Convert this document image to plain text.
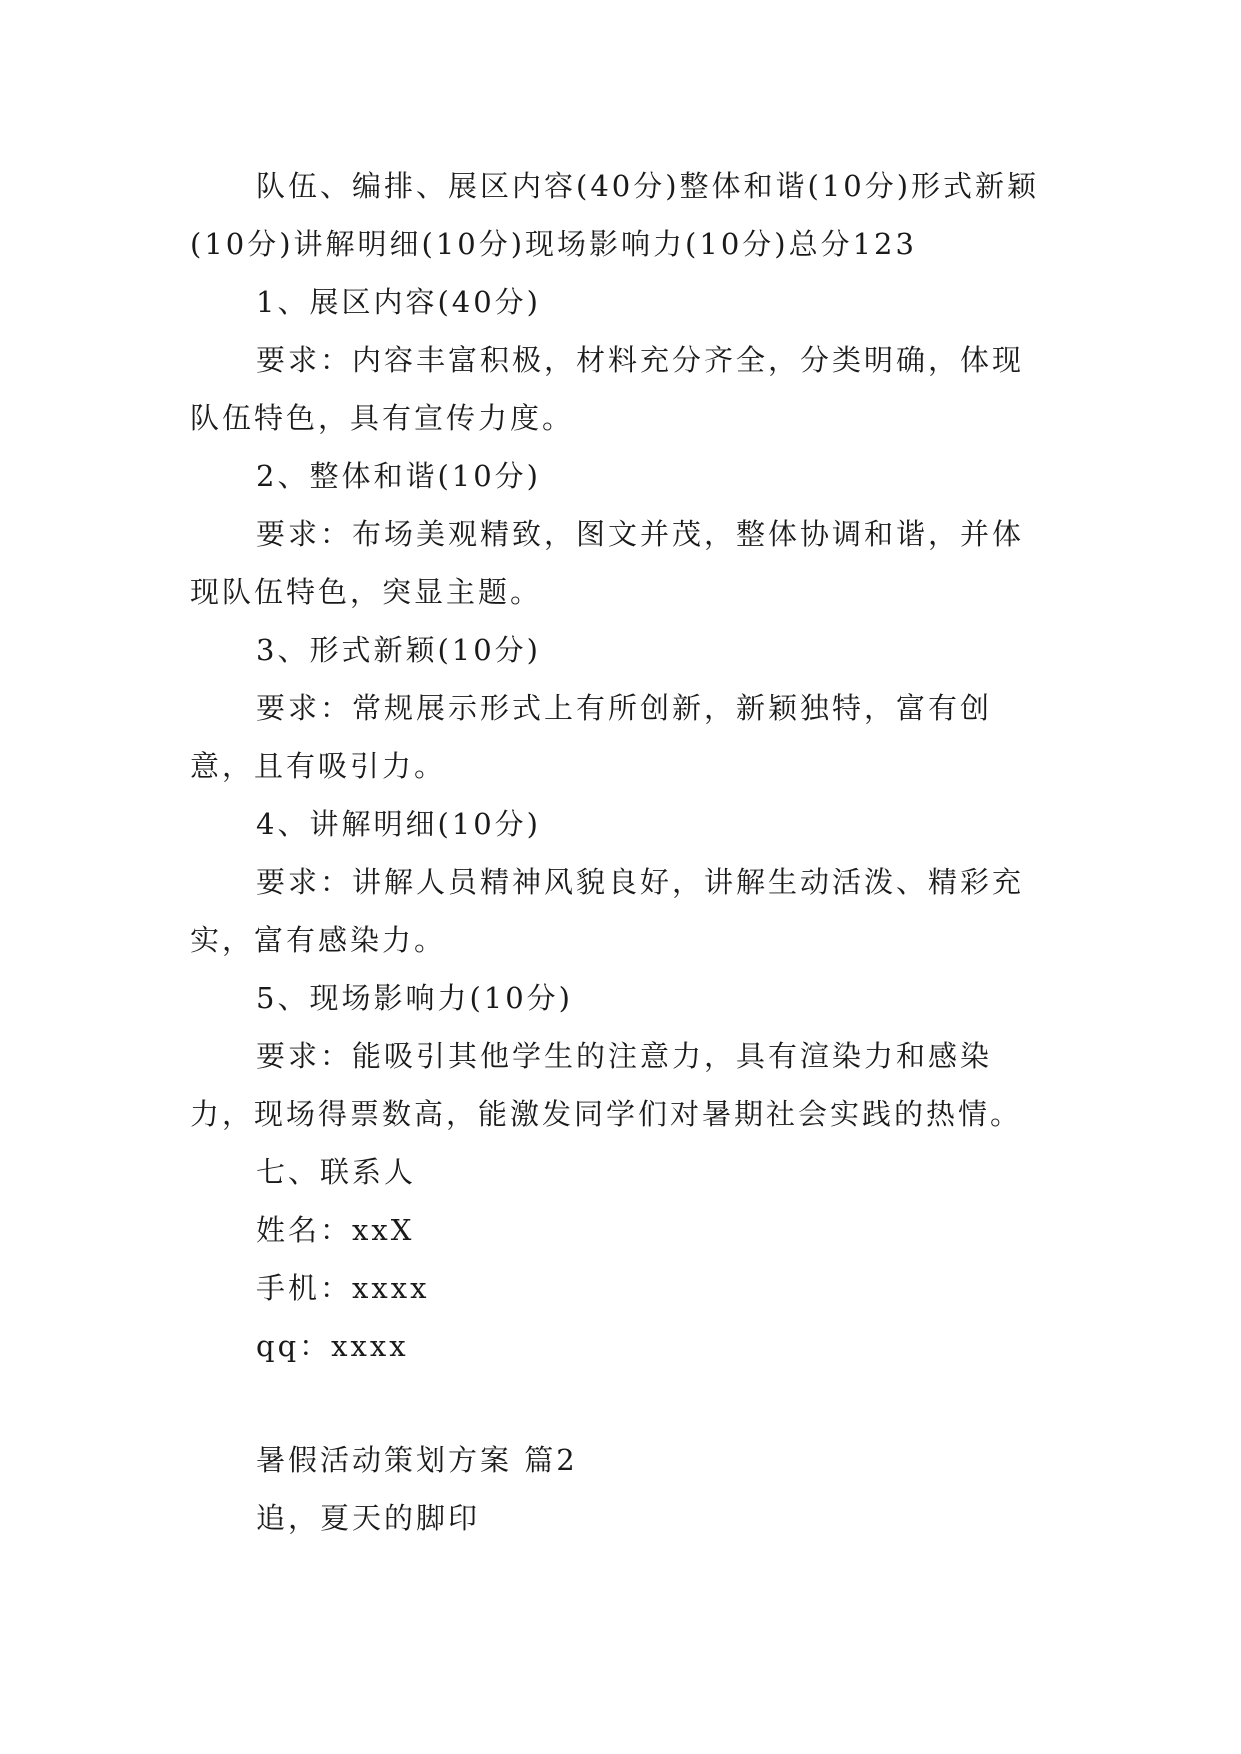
队伍、编排、展区内容(40分)整体和谐(10分)形式新颖(10分)讲解明细(10分)现场影响力(10分)总分123

1、展区内容(40分)

要求：内容丰富积极，材料充分齐全，分类明确，体现队伍特色，具有宣传力度。

2、整体和谐(10分)

要求：布场美观精致，图文并茂，整体协调和谐，并体现队伍特色，突显主题。

3、形式新颖(10分)

要求：常规展示形式上有所创新，新颖独特，富有创意，且有吸引力。

4、讲解明细(10分)

要求：讲解人员精神风貌良好，讲解生动活泼、精彩充实，富有感染力。

5、现场影响力(10分)

要求：能吸引其他学生的注意力，具有渲染力和感染力，现场得票数高，能激发同学们对暑期社会实践的热情。

七、联系人

姓名：xxX

手机：xxxx

qq：xxxx

暑假活动策划方案 篇2

追，夏天的脚印
